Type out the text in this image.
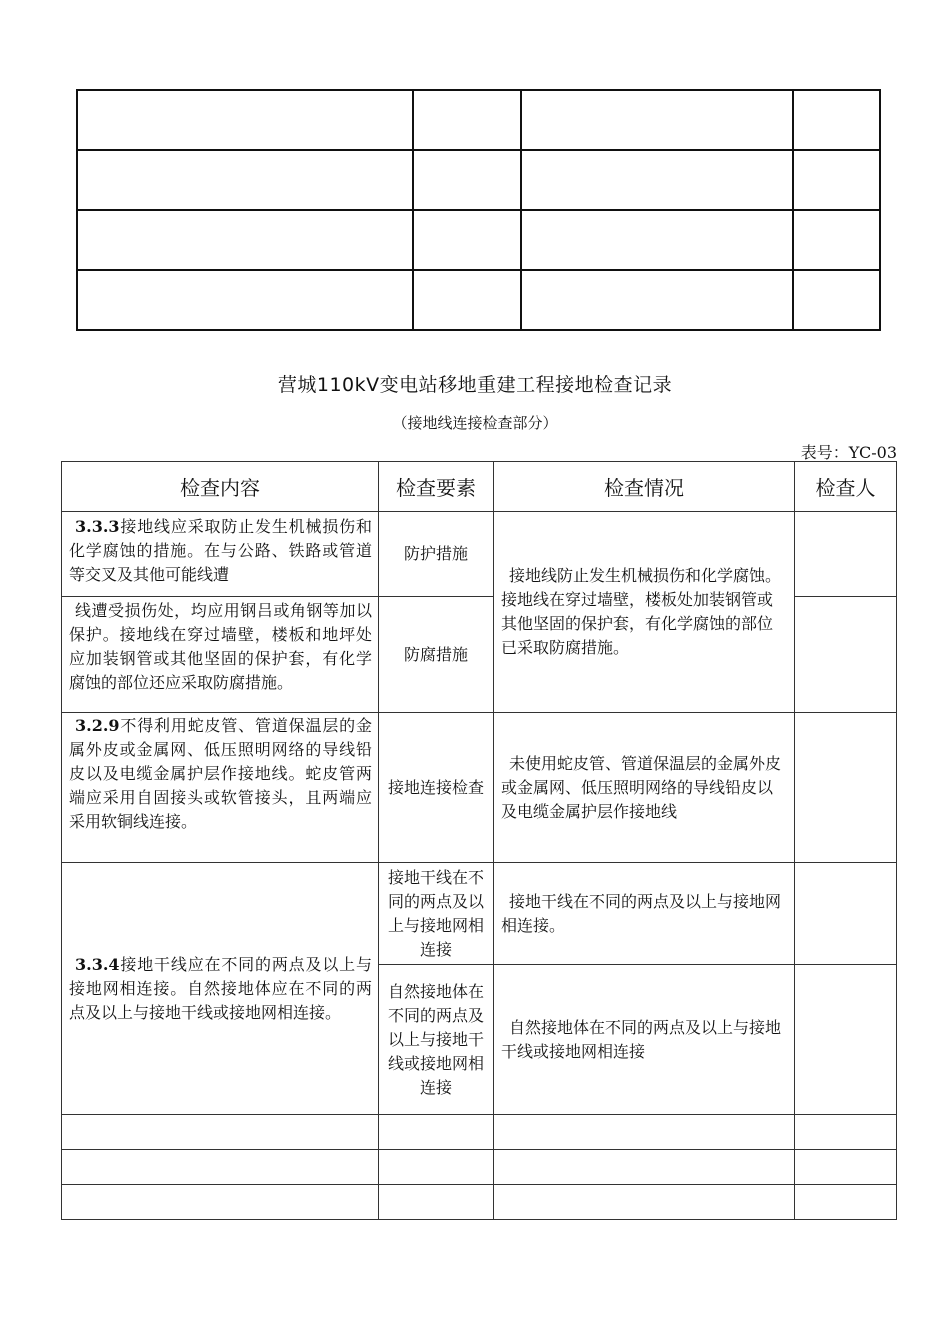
营城110kV变电站移地重建工程接地检查记录
（接地线连接检查部分）
表号：YC-03
检查内容	检查要素	检查情况	检查人

3.3.3接地线应采取防止发生机械损伤和化学腐蚀的措施。在与公路、铁路或管道等交叉及其他可能线遭	防护措施	接地线防止发生机械损伤和化学腐蚀。接地线在穿过墙壁，楼板处加装钢管或其他坚固的保护套，有化学腐蚀的部位已采取防腐措施。	

线遭受损伤处，均应用钢吕或角钢等加以保护。接地线在穿过墙壁，楼板和地坪处应加装钢管或其他坚固的保护套，有化学腐蚀的部位还应采取防腐措施。	防腐措施		

3.2.9不得利用蛇皮管、管道保温层的金属外皮或金属网、低压照明网络的导线铅皮以及电缆金属护层作接地线。蛇皮管两端应采用自固接头或软管接头，且两端应采用软铜线连接。	接地连接检查	未使用蛇皮管、管道保温层的金属外皮或金属网、低压照明网络的导线铅皮以及电缆金属护层作接地线	

3.3.4接地干线应在不同的两点及以上与接地网相连接。自然接地体应在不同的两点及以上与接地干线或接地网相连接。	接地干线在不同的两点及以上与接地网相连接	接地干线在不同的两点及以上与接地网相连接。	

	自然接地体在不同的两点及以上与接地干线或接地网相连接	自然接地体在不同的两点及以上与接地干线或接地网相连接	
